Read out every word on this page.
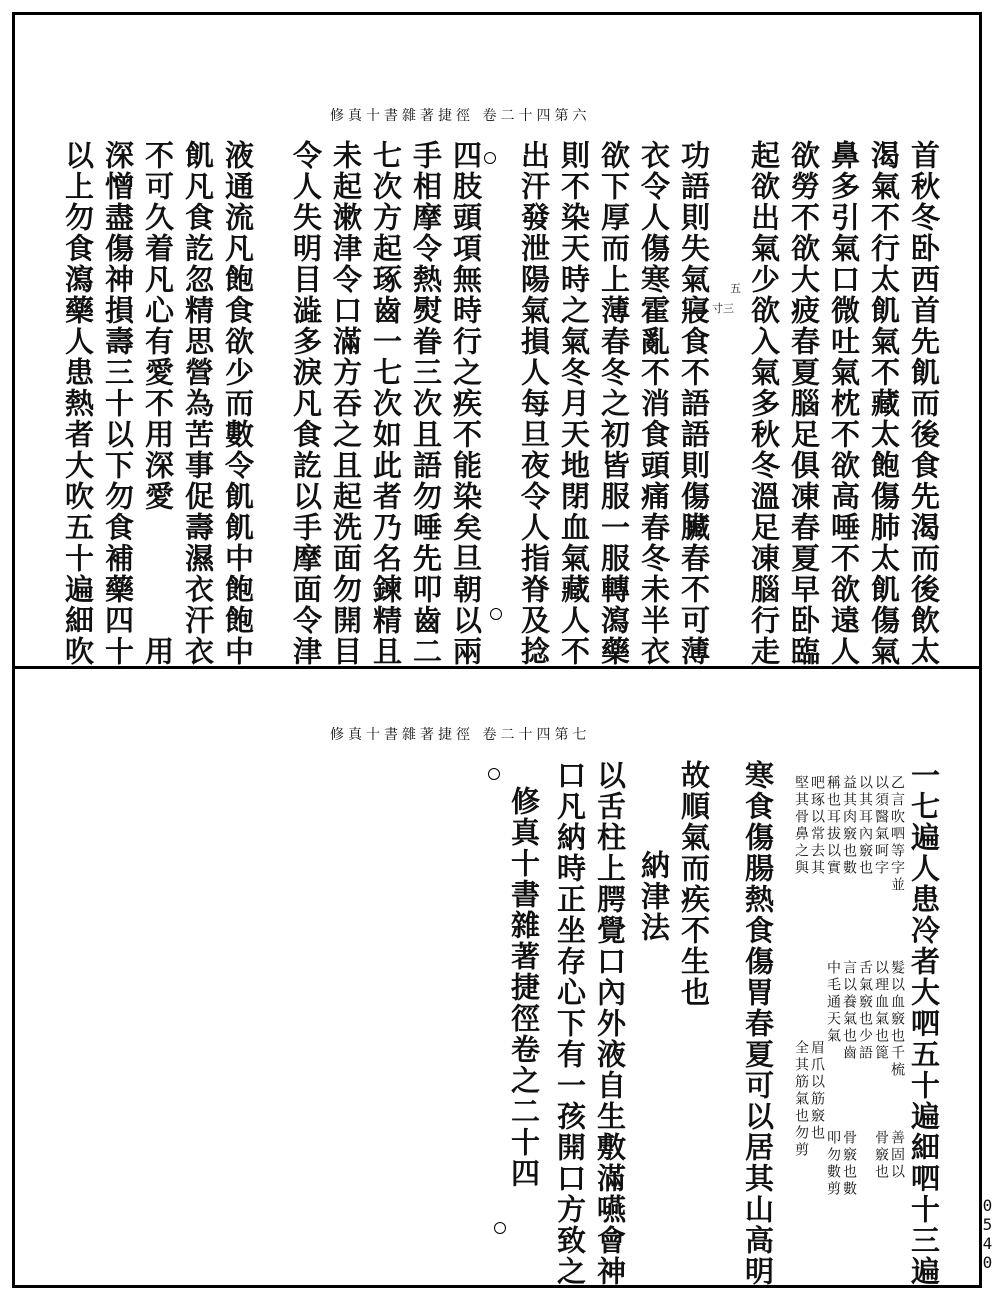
修真十書雜著捷徑 卷二十四第六
修真十書雜著捷徑 卷二十四第七
首秋冬卧西首先飢而後食先渴而後飲太
渴氣不行太飢氣不藏太飽傷肺太飢傷氣
鼻多引氣口微吐氣枕不欲高唾不欲遠人
欲勞不欲大疲春夏腦足俱凍春夏早卧臨
起欲出氣少欲入氣多秋冬溫足凍腦行走
功語則失氣寢食不語語則傷臟春不可薄
衣令人傷寒霍亂不消食頭痛春冬未半衣
欲下厚而上薄春冬之初皆服一服轉瀉藥
則不染天時之氣冬月天地閉血氣藏人不
出汗發泄陽氣損人每旦夜令人指脊及捻
四肢頭項無時行之疾不能染矣旦朝以兩
手相摩令熱熨眷三次且語勿唾先叩齒二
七次方起琢齒一七次如此者乃名鍊精且
未起漱津令口滿方吞之且起洗面勿開目
令人失明目澁多淚凡食訖以手摩面令津
液通流凡飽食欲少而數令飢飢中飽飽中
飢凡食訖忽精思營為苦事促壽濕衣汗衣
不可久着凡心有愛不用深愛　　　　用
深憎盡傷神損壽三十以下勿食補藥四十
以上勿食瀉藥人患熱者大吹五十遍細吹	五
寸三
一七遍人患冷者大呬五十遍細呬十三遍
乙言吹呬等字並
以須醫氣呵字
以其耳內竅也
益其肉竅也數
稱也耳拔以實
吧琢以常去其
堅其骨鼻之與
髮以血竅也千梳
以理血氣也篦
舌氣竅也少語
言以養氣也齒
中毛通天氣
眉爪以筋竅也
全其筋氣也勿剪
骨竅也數
叩勿數剪	善固以
骨竅也
寒食傷腸熱食傷胃春夏可以居其山高明
故順氣而疾不生也
納津法
以舌柱上腭覺口內外液自生敷滿嚥會神
口凡納時正坐存心下有一孩開口方致之
修真十書雜著捷徑卷之二十四
0540
